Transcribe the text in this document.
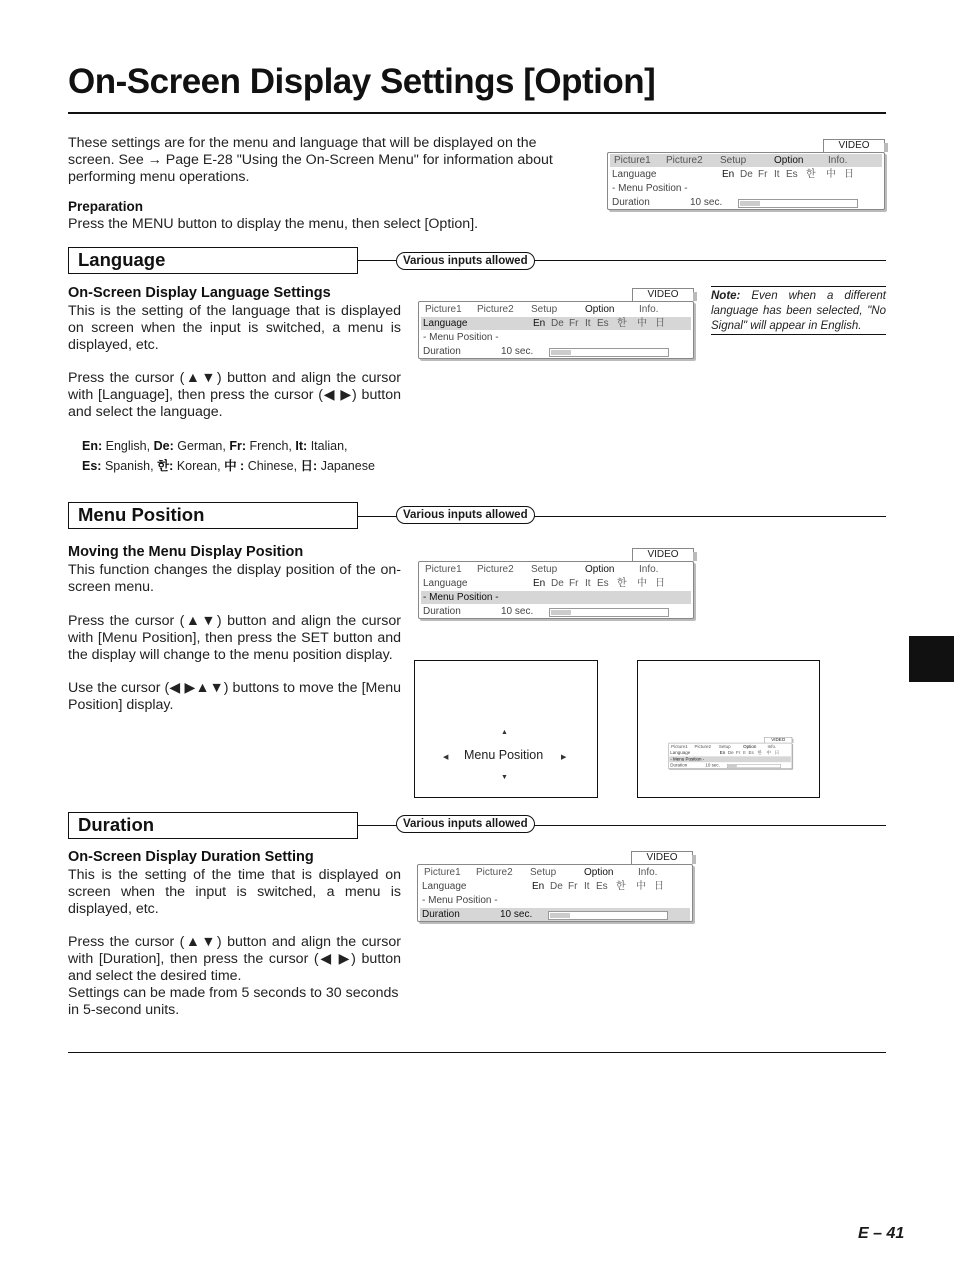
On-Screen Display Settings [Option]
These settings are for the menu and language that will be displayed on the screen. See → Page E-28 "Using the On-Screen Menu" for information about performing menu operations.
Preparation
Press the MENU button to display the menu, then select [Option].
VIDEO
Picture1 Picture2 Setup	Option Info.
Language	En De Fr It Es 한 中 日
- Menu Position -
Duration	10 sec.
Language	Various inputs allowed
On-Screen Display Language Settings
This is the setting of the language that is displayed on screen when the input is switched, a menu is displayed, etc.
Press the cursor (▲▼) button and align the cursor with [Language], then press the cursor (◀ ▶) button and select the language.
En: English, De: German, Fr: French, It: Italian,
Es: Spanish, 한: Korean, 中 : Chinese, 日: Japanese
VIDEO
Picture1 Picture2 Setup	Option Info.
Language	En De Fr It Es 한 中 日
- Menu Position -
Duration	10 sec.
Note: Even when a different language has been selected, "No Signal" will appear in English.
Menu Position	Various inputs allowed
Moving the Menu Display Position
This function changes the display position of the on-screen menu.
Press the cursor (▲▼) button and align the cursor with [Menu Position], then press the SET button and the display will change to the menu position display.
Use the cursor (◀ ▶▲▼) buttons to move the [Menu Position] display.
VIDEO
Picture1 Picture2 Setup	Option Info.
Language	En De Fr It Es 한 中 日
- Menu Position -
Duration	10 sec.
▲
◀ Menu Position	▶
▼
VIDEO
Picture1 Picture2 Setup Option Info.
Language	En De Fr It Es 한 中 日
- Menu Position -
Duration 10 sec.
Duration	Various inputs allowed
On-Screen Display Duration Setting
This is the setting of the time that is displayed on screen when the input is switched, a menu is displayed, etc.
Press the cursor (▲▼) button and align the cursor with [Duration], then press the cursor (◀ ▶) button and select the desired time.
Settings can be made from 5 seconds to 30 seconds in 5-second units.
VIDEO
Picture1 Picture2 Setup	Option Info.
Language	En De Fr It Es 한 中 日
- Menu Position -
Duration	10 sec.
E – 41
